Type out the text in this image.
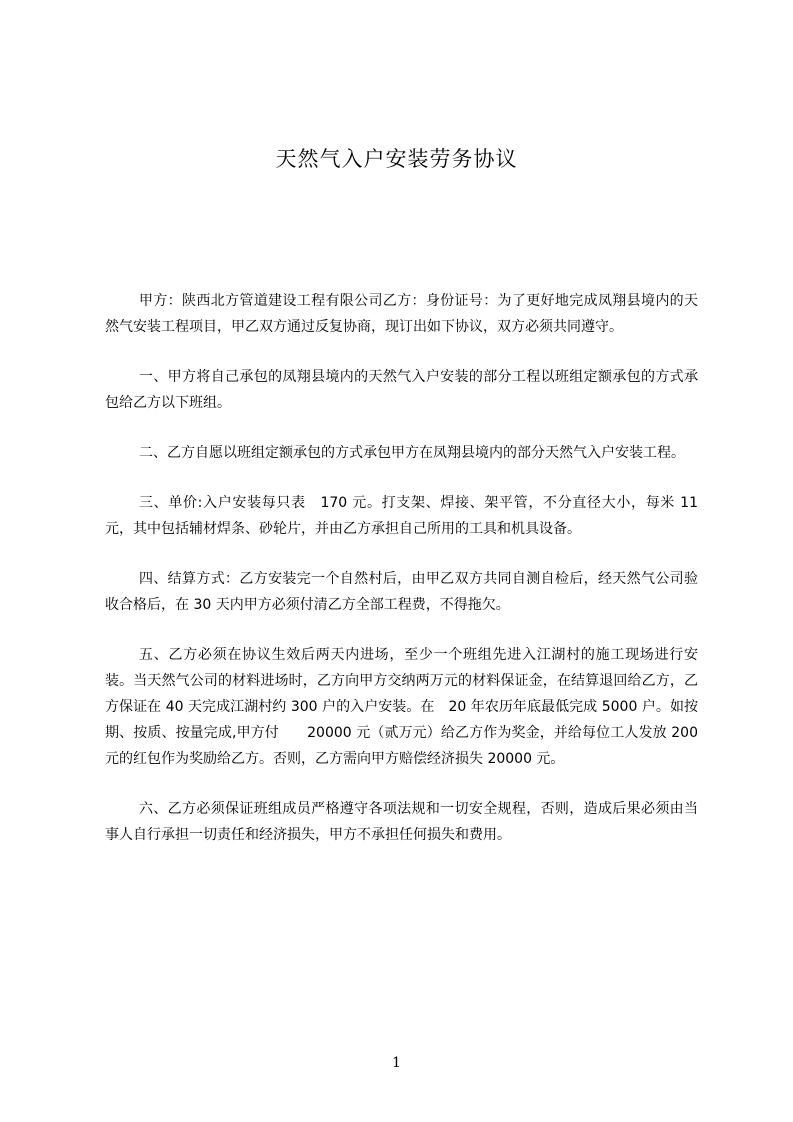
天然气入户安装劳务协议

甲方：陕西北方管道建设工程有限公司乙方：身份证号：为了更好地完成凤翔县境内的天然气安装工程项目，甲乙双方通过反复协商，现订出如下协议，双方必须共同遵守。

一、甲方将自己承包的凤翔县境内的天然气入户安装的部分工程以班组定额承包的方式承包给乙方以下班组。

二、乙方自愿以班组定额承包的方式承包甲方在凤翔县境内的部分天然气入户安装工程。

三、单价:入户安装每只表　170 元。打支架、焊接、架平管，不分直径大小，每米 11 元，其中包括辅材焊条、砂轮片，并由乙方承担自己所用的工具和机具设备。

四、结算方式：乙方安装完一个自然村后，由甲乙双方共同自测自检后，经天然气公司验收合格后，在 30 天内甲方必须付清乙方全部工程费，不得拖欠。

五、乙方必须在协议生效后两天内进场，至少一个班组先进入江湖村的施工现场进行安装。当天然气公司的材料进场时，乙方向甲方交纳两万元的材料保证金，在结算退回给乙方，乙方保证在 40 天完成江湖村约 300 户的入户安装。在　20 年农历年底最低完成 5000 户。如按期、按质、按量完成,甲方付　　20000 元（贰万元）给乙方作为奖金，并给每位工人发放 200 元的红包作为奖励给乙方。否则，乙方需向甲方赔偿经济损失 20000 元。

六、乙方必须保证班组成员严格遵守各项法规和一切安全规程，否则，造成后果必须由当事人自行承担一切责任和经济损失，甲方不承担任何损失和费用。

1
